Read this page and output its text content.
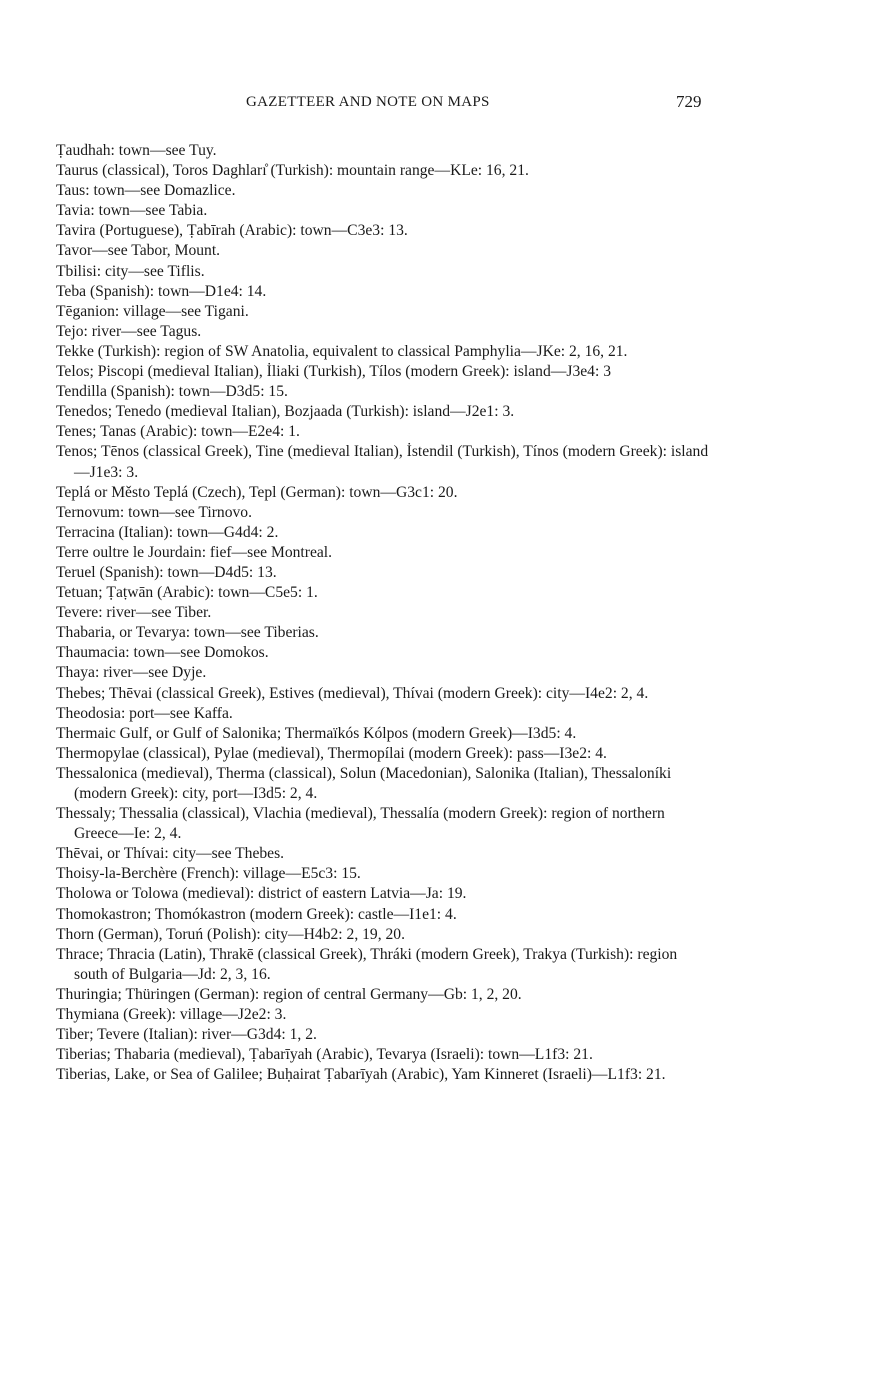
GAZETTEER AND NOTE ON MAPS	729
Ṭaudhah: town—see Tuy.
Taurus (classical), Toros Daghları̊ (Turkish): mountain range—KLe: 16, 21.
Taus: town—see Domazlice.
Tavia: town—see Tabia.
Tavira (Portuguese), Ṭabīrah (Arabic): town—C3e3: 13.
Tavor—see Tabor, Mount.
Tbilisi: city—see Tiflis.
Teba (Spanish): town—D1e4: 14.
Tēganion: village—see Tigani.
Tejo: river—see Tagus.
Tekke (Turkish): region of SW Anatolia, equivalent to classical Pamphylia—JKe: 2, 16, 21.
Telos; Piscopi (medieval Italian), İliaki (Turkish), Tílos (modern Greek): island—J3e4: 3
Tendilla (Spanish): town—D3d5: 15.
Tenedos; Tenedo (medieval Italian), Bozjaada (Turkish): island—J2e1: 3.
Tenes; Tanas (Arabic): town—E2e4: 1.
Tenos; Tēnos (classical Greek), Tine (medieval Italian), İstendil (Turkish), Tínos (modern Greek): island—J1e3: 3.
Teplá or Město Teplá (Czech), Tepl (German): town—G3c1: 20.
Ternovum: town—see Tirnovo.
Terracina (Italian): town—G4d4: 2.
Terre oultre le Jourdain: fief—see Montreal.
Teruel (Spanish): town—D4d5: 13.
Tetuan; Ṭaṭwān (Arabic): town—C5e5: 1.
Tevere: river—see Tiber.
Thabaria, or Tevarya: town—see Tiberias.
Thaumacia: town—see Domokos.
Thaya: river—see Dyje.
Thebes; Thēvai (classical Greek), Estives (medieval), Thívai (modern Greek): city—I4e2: 2, 4.
Theodosia: port—see Kaffa.
Thermaic Gulf, or Gulf of Salonika; Thermaïkós Kólpos (modern Greek)—I3d5: 4.
Thermopylae (classical), Pylae (medieval), Thermopílai (modern Greek): pass—I3e2: 4.
Thessalonica (medieval), Therma (classical), Solun (Macedonian), Salonika (Italian), Thessaloníki (modern Greek): city, port—I3d5: 2, 4.
Thessaly; Thessalia (classical), Vlachia (medieval), Thessalía (modern Greek): region of northern Greece—Ie: 2, 4.
Thēvai, or Thívai: city—see Thebes.
Thoisy-la-Berchère (French): village—E5c3: 15.
Tholowa or Tolowa (medieval): district of eastern Latvia—Ja: 19.
Thomokastron; Thomókastron (modern Greek): castle—I1e1: 4.
Thorn (German), Toruń (Polish): city—H4b2: 2, 19, 20.
Thrace; Thracia (Latin), Thrakē (classical Greek), Thráki (modern Greek), Trakya (Turkish): region south of Bulgaria—Jd: 2, 3, 16.
Thuringia; Thüringen (German): region of central Germany—Gb: 1, 2, 20.
Thymiana (Greek): village—J2e2: 3.
Tiber; Tevere (Italian): river—G3d4: 1, 2.
Tiberias; Thabaria (medieval), Ṭabarīyah (Arabic), Tevarya (Israeli): town—L1f3: 21.
Tiberias, Lake, or Sea of Galilee; Buḥairat Ṭabarīyah (Arabic), Yam Kinneret (Israeli)—L1f3: 21.
